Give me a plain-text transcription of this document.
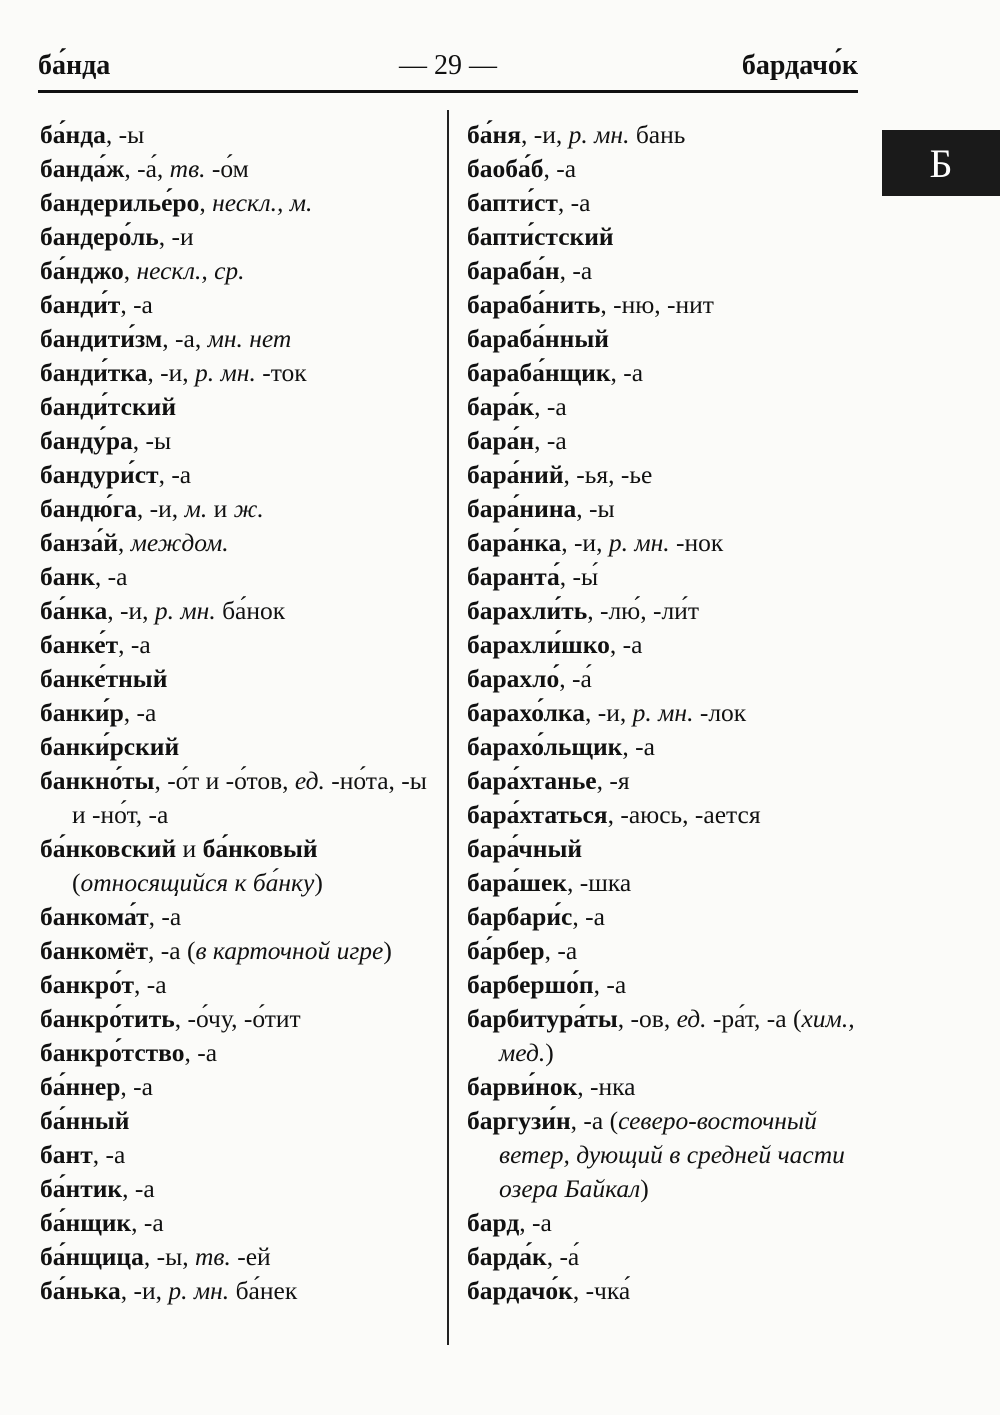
ба́нда	— 29 —	бардачо́к
Б
ба́нда, -ы
банда́ж, -а́, тв. -о́м
бандерилье́ро, нескл., м.
бандеро́ль, -и
ба́нджо, нескл., ср.
банди́т, -а
бандити́зм, -а, мн. нет
банди́тка, -и, р. мн. -ток
банди́тский
банду́ра, -ы
бандури́ст, -а
бандю́га, -и, м. и ж.
банза́й, междом.
банк, -а
ба́нка, -и, р. мн. ба́нок
банке́т, -а
банке́тный
банки́р, -а
банки́рский
банкно́ты, -о́т и -о́тов, ед. -но́та, -ы и -но́т, -а
ба́нковский и ба́нковый (относящийся к ба́нку)
банкома́т, -а
банкомёт, -а (в карточной игре)
банкро́т, -а
банкро́тить, -о́чу, -о́тит
банкро́тство, -а
ба́ннер, -а
ба́нный
бант, -а
ба́нтик, -а
ба́нщик, -а
ба́нщица, -ы, тв. -ей
ба́нька, -и, р. мн. ба́нек
ба́ня, -и, р. мн. бань
баоба́б, -а
бапти́ст, -а
бапти́стский
бараба́н, -а
бараба́нить, -ню, -нит
бараба́нный
бараба́нщик, -а
бара́к, -а
бара́н, -а
бара́ний, -ья, -ье
бара́нина, -ы
бара́нка, -и, р. мн. -нок
баранта́, -ы́
барахли́ть, -лю́, -ли́т
барахли́шко, -а
барахло́, -а́
барахо́лка, -и, р. мн. -лок
барахо́льщик, -а
бара́хтанье, -я
бара́хтаться, -аюсь, -ается
бара́чный
бара́шек, -шка
барбари́с, -а
ба́рбер, -а
барбершо́п, -а
барбитура́ты, -ов, ед. -ра́т, -а (хим., мед.)
барви́нок, -нка
баргузи́н, -а (северо-восточный ветер, дующий в средней части озера Байкал)
бард, -а
барда́к, -а́
бардачо́к, -чка́
